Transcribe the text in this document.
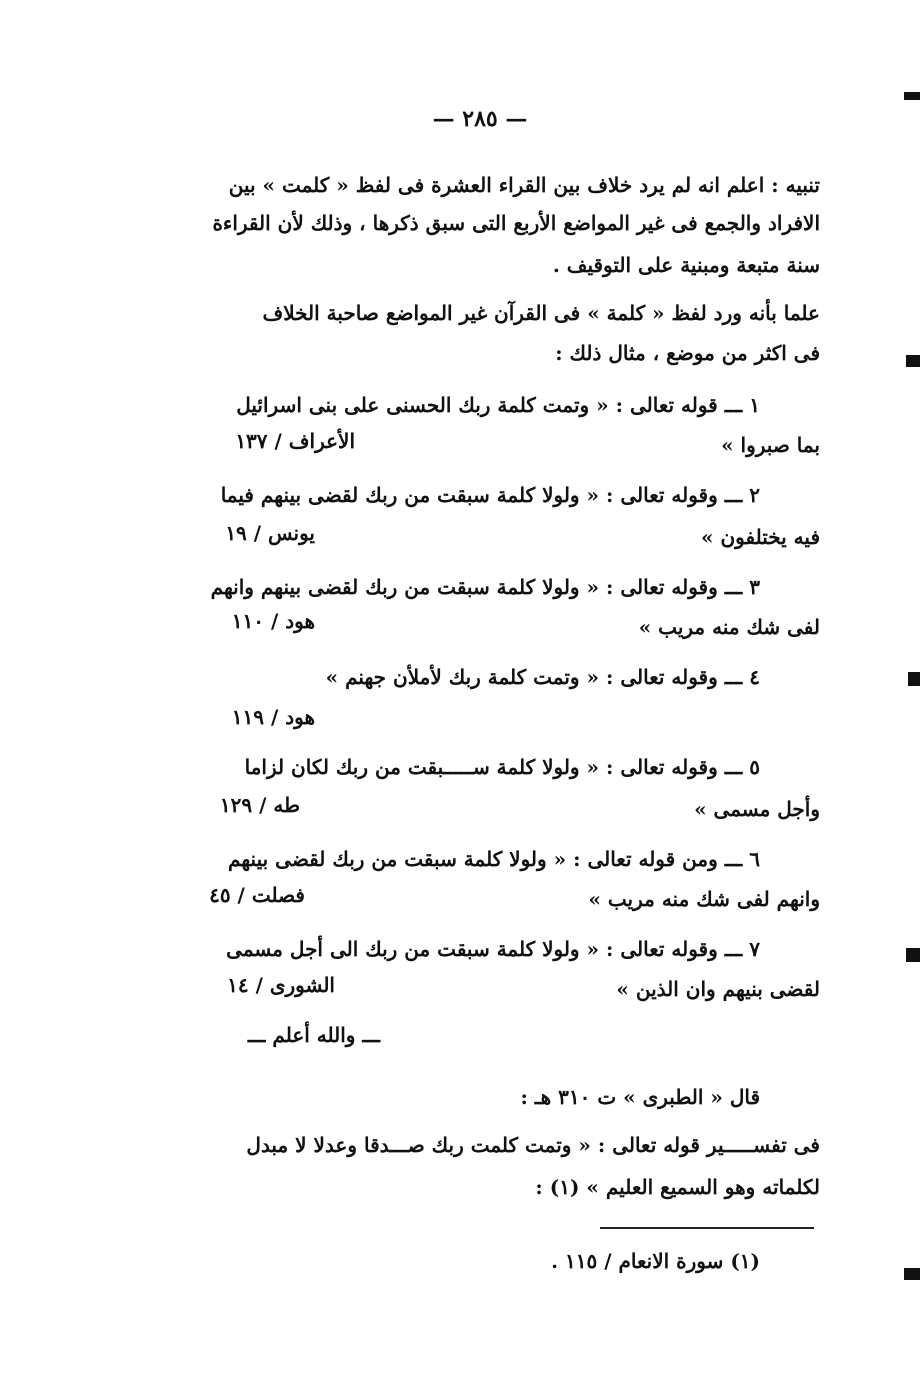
— ٢٨٥ —
تنبيه : اعلم انه لم يرد خلاف بين القراء العشرة فى لفظ « كلمت » بين
الافراد والجمع فى غير المواضع الأربع التى سبق ذكرها ، وذلك لأن القراءة
سنة متبعة ومبنية على التوقيف .
علما بأنه ورد لفظ « كلمة » فى القرآن غير المواضع صاحبة الخلاف
فى اكثر من موضع ، مثال ذلك :
١ ـــ قوله تعالى : « وتمت كلمة ربك الحسنى على بنى اسرائيل
بما صبروا »
الأعراف / ١٣٧
٢ ـــ وقوله تعالى : « ولولا كلمة سبقت من ربك لقضى بينهم فيما
فيه يختلفون »
يونس / ١٩
٣ ـــ وقوله تعالى : « ولولا كلمة سبقت من ربك لقضى بينهم وانهم
لفى شك منه مريب »
هود / ١١٠
٤ ـــ وقوله تعالى : « وتمت كلمة ربك لأملأن جهنم »
هود / ١١٩
٥ ـــ وقوله تعالى : « ولولا كلمة ســـــبقت من ربك لكان لزاما
وأجل مسمى »
طه / ١٢٩
٦ ـــ ومن قوله تعالى : « ولولا كلمة سبقت من ربك لقضى بينهم
وانهم لفى شك منه مريب »
فصلت / ٤٥
٧ ـــ وقوله تعالى : « ولولا كلمة سبقت من ربك الى أجل مسمى
لقضى بنيهم وان الذين »
الشورى / ١٤
ـــ والله أعلم ـــ
قال « الطبرى » ت ٣١٠ هـ :
فى تفســـــير قوله تعالى : « وتمت كلمت ربك صـــدقا وعدلا لا مبدل
لكلماته وهو السميع العليم » (١) :
(١) سورة الانعام / ١١٥ .
